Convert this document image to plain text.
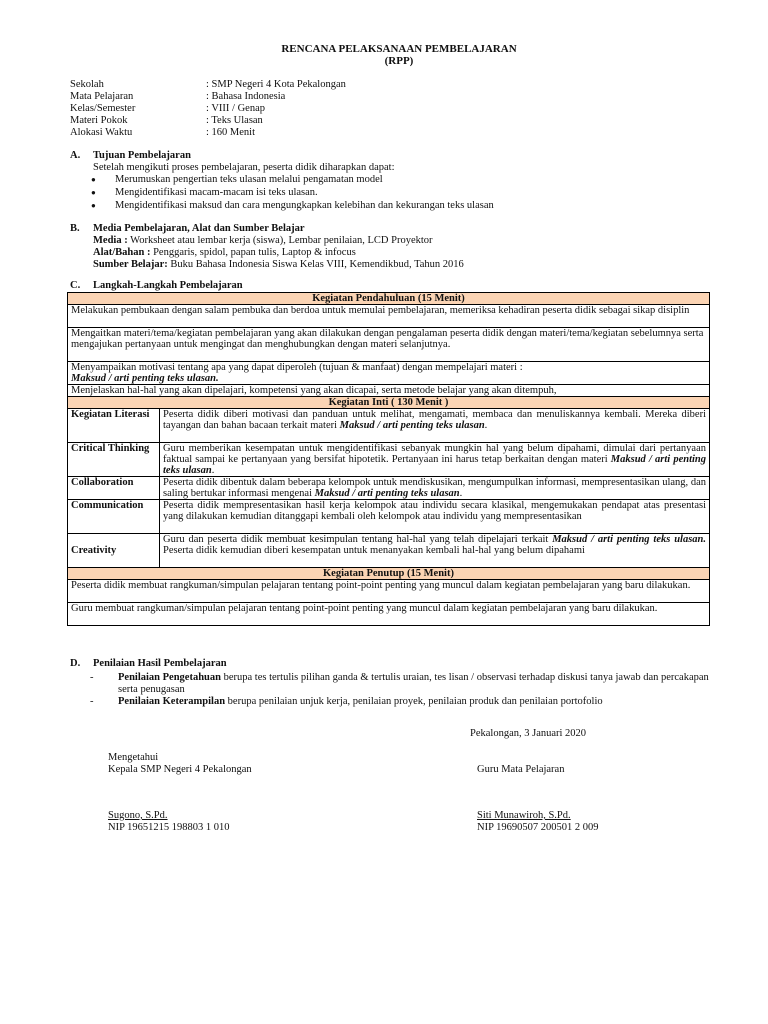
RENCANA PELAKSANAAN PEMBELAJARAN
(RPP)
Sekolah	: SMP Negeri 4 Kota Pekalongan
Mata Pelajaran	: Bahasa Indonesia
Kelas/Semester	: VIII / Genap
Materi Pokok	: Teks Ulasan
Alokasi Waktu	: 160 Menit
A. Tujuan Pembelajaran
Setelah mengikuti proses pembelajaran, peserta didik diharapkan dapat:
● Merumuskan pengertian teks ulasan melalui pengamatan model
● Mengidentifikasi macam-macam isi teks ulasan.
● Mengidentifikasi maksud dan cara mengungkapkan kelebihan dan kekurangan teks ulasan
B. Media Pembelajaran, Alat dan Sumber Belajar
Media : Worksheet atau lembar kerja (siswa), Lembar penilaian, LCD Proyektor
Alat/Bahan : Penggaris, spidol, papan tulis, Laptop & infocus
Sumber Belajar: Buku Bahasa Indonesia Siswa Kelas VIII, Kemendikbud, Tahun 2016
C. Langkah-Langkah Pembelajaran
Kegiatan Pendahuluan (15 Menit)	
Melakukan pembukaan dengan salam pembuka dan berdoa untuk memulai pembelajaran, memeriksa kehadiran peserta didik sebagai sikap disiplin	
Mengaitkan materi/tema/kegiatan pembelajaran yang akan dilakukan dengan pengalaman peserta didik dengan materi/tema/kegiatan sebelumnya serta mengajukan pertanyaan untuk mengingat dan menghubungkan dengan materi selanjutnya.	
Menyampaikan motivasi tentang apa yang dapat diperoleh (tujuan & manfaat) dengan mempelajari materi :
Maksud / arti penting teks ulasan.	
Menjelaskan hal-hal yang akan dipelajari, kompetensi yang akan dicapai, serta metode belajar yang akan ditempuh,	
Kegiatan Inti ( 130 Menit )	
Kegiatan Literasi	Peserta didik diberi motivasi dan panduan untuk melihat, mengamati, membaca dan menuliskannya kembali. Mereka diberi tayangan dan bahan bacaan terkait materi Maksud / arti penting teks ulasan.
Critical Thinking	Guru memberikan kesempatan untuk mengidentifikasi sebanyak mungkin hal yang belum dipahami, dimulai dari pertanyaan faktual sampai ke pertanyaan yang bersifat hipotetik. Pertanyaan ini harus tetap berkaitan dengan materi Maksud / arti penting teks ulasan.
Collaboration	Peserta didik dibentuk dalam beberapa kelompok untuk mendiskusikan, mengumpulkan informasi, mempresentasikan ulang, dan saling bertukar informasi mengenai Maksud / arti penting teks ulasan.
Communication	Peserta didik mempresentasikan hasil kerja kelompok atau individu secara klasikal, mengemukakan pendapat atas presentasi yang dilakukan kemudian ditanggapi kembali oleh kelompok atau individu yang mempresentasikan
Creativity	Guru dan peserta didik membuat kesimpulan tentang hal-hal yang telah dipelajari terkait Maksud / arti penting teks ulasan. Peserta didik kemudian diberi kesempatan untuk menanyakan kembali hal-hal yang belum dipahami
Kegiatan Penutup (15 Menit)	
Peserta didik membuat rangkuman/simpulan pelajaran tentang point-point penting yang muncul dalam kegiatan pembelajaran yang baru dilakukan.	
Guru membuat rangkuman/simpulan pelajaran tentang point-point penting yang muncul dalam kegiatan pembelajaran yang baru dilakukan.	
D. Penilaian Hasil Pembelajaran
-	Penilaian Pengetahuan berupa tes tertulis pilihan ganda & tertulis uraian, tes lisan / observasi terhadap diskusi tanya jawab dan percakapan serta penugasan
-	Penilaian Keterampilan berupa penilaian unjuk kerja, penilaian proyek, penilaian produk dan penilaian portofolio
Pekalongan, 3 Januari 2020
Mengetahui
Kepala SMP Negeri 4 Pekalongan	Guru Mata Pelajaran
Sugono, S.Pd.
NIP 19651215 198803 1 010
Siti Munawiroh, S.Pd.
NIP 19690507 200501 2 009
